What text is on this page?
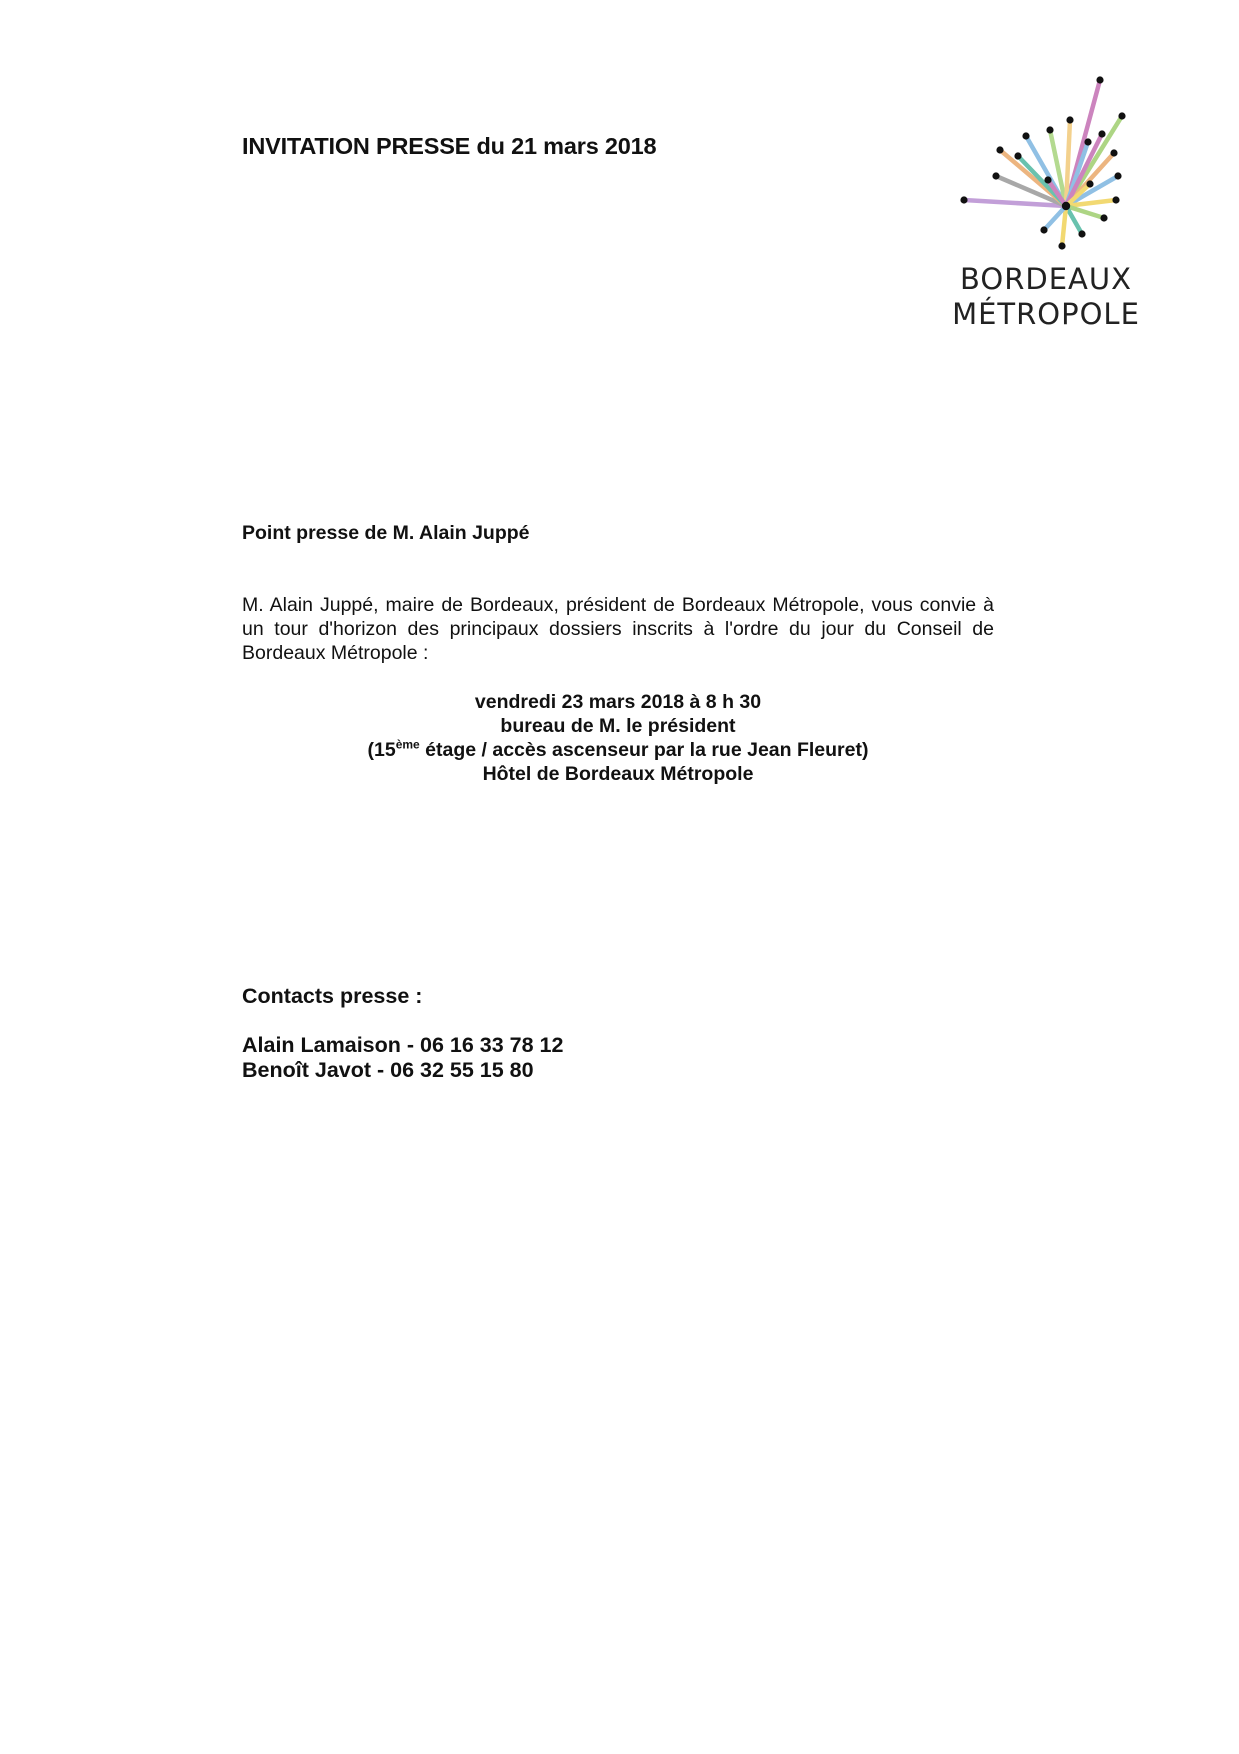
INVITATION PRESSE du 21 mars 2018
BORDEAUX
MÉTROPOLE
Point presse de M. Alain Juppé
M. Alain Juppé, maire de Bordeaux, président de Bordeaux Métropole, vous convie à un tour d'horizon des principaux dossiers inscrits à l'ordre du jour du Conseil de Bordeaux Métropole :
vendredi 23 mars 2018 à 8 h 30
bureau de M. le président
(15ème étage / accès ascenseur par la rue Jean Fleuret)
Hôtel de Bordeaux Métropole
Contacts presse :
Alain Lamaison - 06 16 33 78 12
Benoît Javot - 06 32 55 15 80
